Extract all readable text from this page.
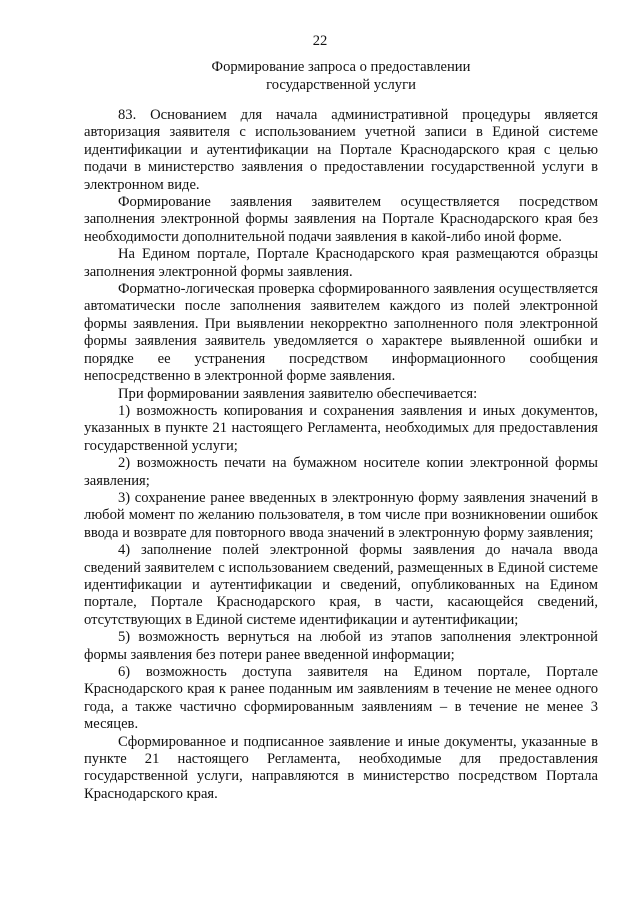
22
Формирование запроса о предоставлении
государственной услуги

83. Основанием для начала административной процедуры является авторизация заявителя с использованием учетной записи в Единой системе идентификации и аутентификации на Портале Краснодарского края с целью подачи в министерство заявления о предоставлении государственной услуги в электронном виде.

Формирование заявления заявителем осуществляется посредством заполнения электронной формы заявления на Портале Краснодарского края без необходимости дополнительной подачи заявления в какой-либо иной форме.

На Едином портале, Портале Краснодарского края размещаются образцы заполнения электронной формы заявления.

Форматно-логическая проверка сформированного заявления осуществляется автоматически после заполнения заявителем каждого из полей электронной формы заявления. При выявлении некорректно заполненного поля электронной формы заявления заявитель уведомляется о характере выявленной ошибки и порядке ее устранения посредством информационного сообщения непосредственно в электронной форме заявления.

При формировании заявления заявителю обеспечивается:

1) возможность копирования и сохранения заявления и иных документов, указанных в пункте 21 настоящего Регламента, необходимых для предоставления государственной услуги;

2) возможность печати на бумажном носителе копии электронной формы заявления;

3) сохранение ранее введенных в электронную форму заявления значений в любой момент по желанию пользователя, в том числе при возникновении ошибок ввода и возврате для повторного ввода значений в электронную форму заявления;

4) заполнение полей электронной формы заявления до начала ввода сведений заявителем с использованием сведений, размещенных в Единой системе идентификации и аутентификации и сведений, опубликованных на Едином портале, Портале Краснодарского края, в части, касающейся сведений, отсутствующих в Единой системе идентификации и аутентификации;

5) возможность вернуться на любой из этапов заполнения электронной формы заявления без потери ранее введенной информации;

6) возможность доступа заявителя на Едином портале, Портале Краснодарского края к ранее поданным им заявлениям в течение не менее одного года, а также частично сформированным заявлениям – в течение не менее 3 месяцев.

Сформированное и подписанное заявление и иные документы, указанные в пункте 21 настоящего Регламента, необходимые для предоставления государственной услуги, направляются в министерство посредством Портала Краснодарского края.
